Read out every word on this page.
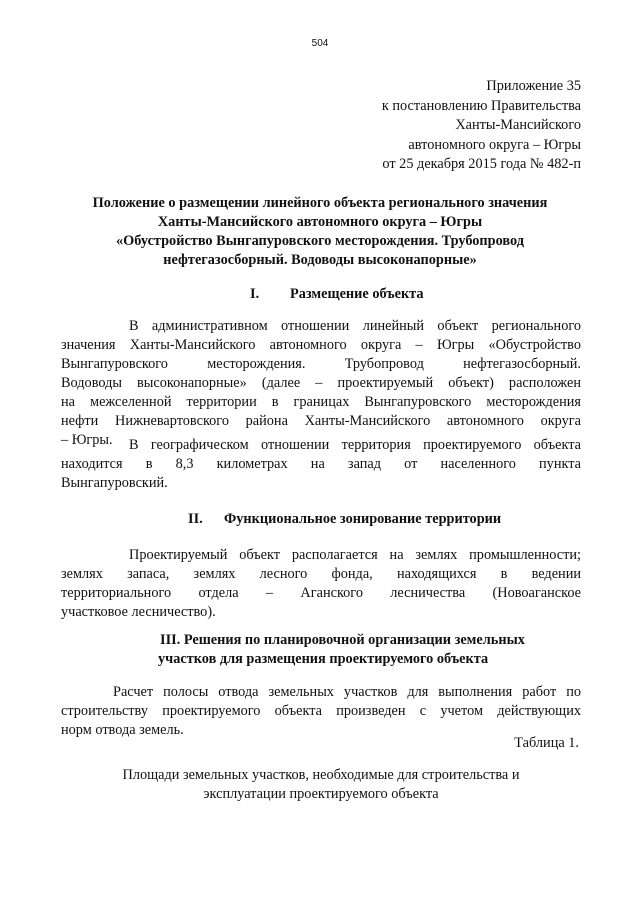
504
Приложение 35
к постановлению Правительства
Ханты-Мансийского
автономного округа – Югры
от 25 декабря 2015 года № 482-п
Положение о размещении линейного объекта регионального значения
Ханты-Мансийского автономного округа – Югры
«Обустройство Вынгапуровского месторождения. Трубопровод
нефтегазосборный. Водоводы высоконапорные»
I. Размещение объекта
В административном отношении линейный объект регионального
значения Ханты-Мансийского автономного округа – Югры «Обустройство
Вынгапуровского месторождения. Трубопровод нефтегазосборный.
Водоводы высоконапорные» (далее – проектируемый объект) расположен
на межселенной территории в границах Вынгапуровского месторождения
нефти Нижневартовского района Ханты-Мансийского автономного округа
– Югры.	В географическом отношении территория проектируемого объекта
находится в 8,3 километрах на запад от населенного пункта
Вынгапуровский.
II. Функциональное зонирование территории
Проектируемый объект располагается на землях промышленности;
землях запаса, землях лесного фонда, находящихся в ведении
территориального отдела – Аганского лесничества (Новоаганское
участковое лесничество).
III. Решения по планировочной организации земельных
участков для размещения проектируемого объекта
Расчет полосы отвода земельных участков для выполнения работ по
строительству проектируемого объекта произведен с учетом действующих
норм отвода земель.
Таблица 1.
Площади земельных участков, необходимые для строительства и
эксплуатации проектируемого объекта
